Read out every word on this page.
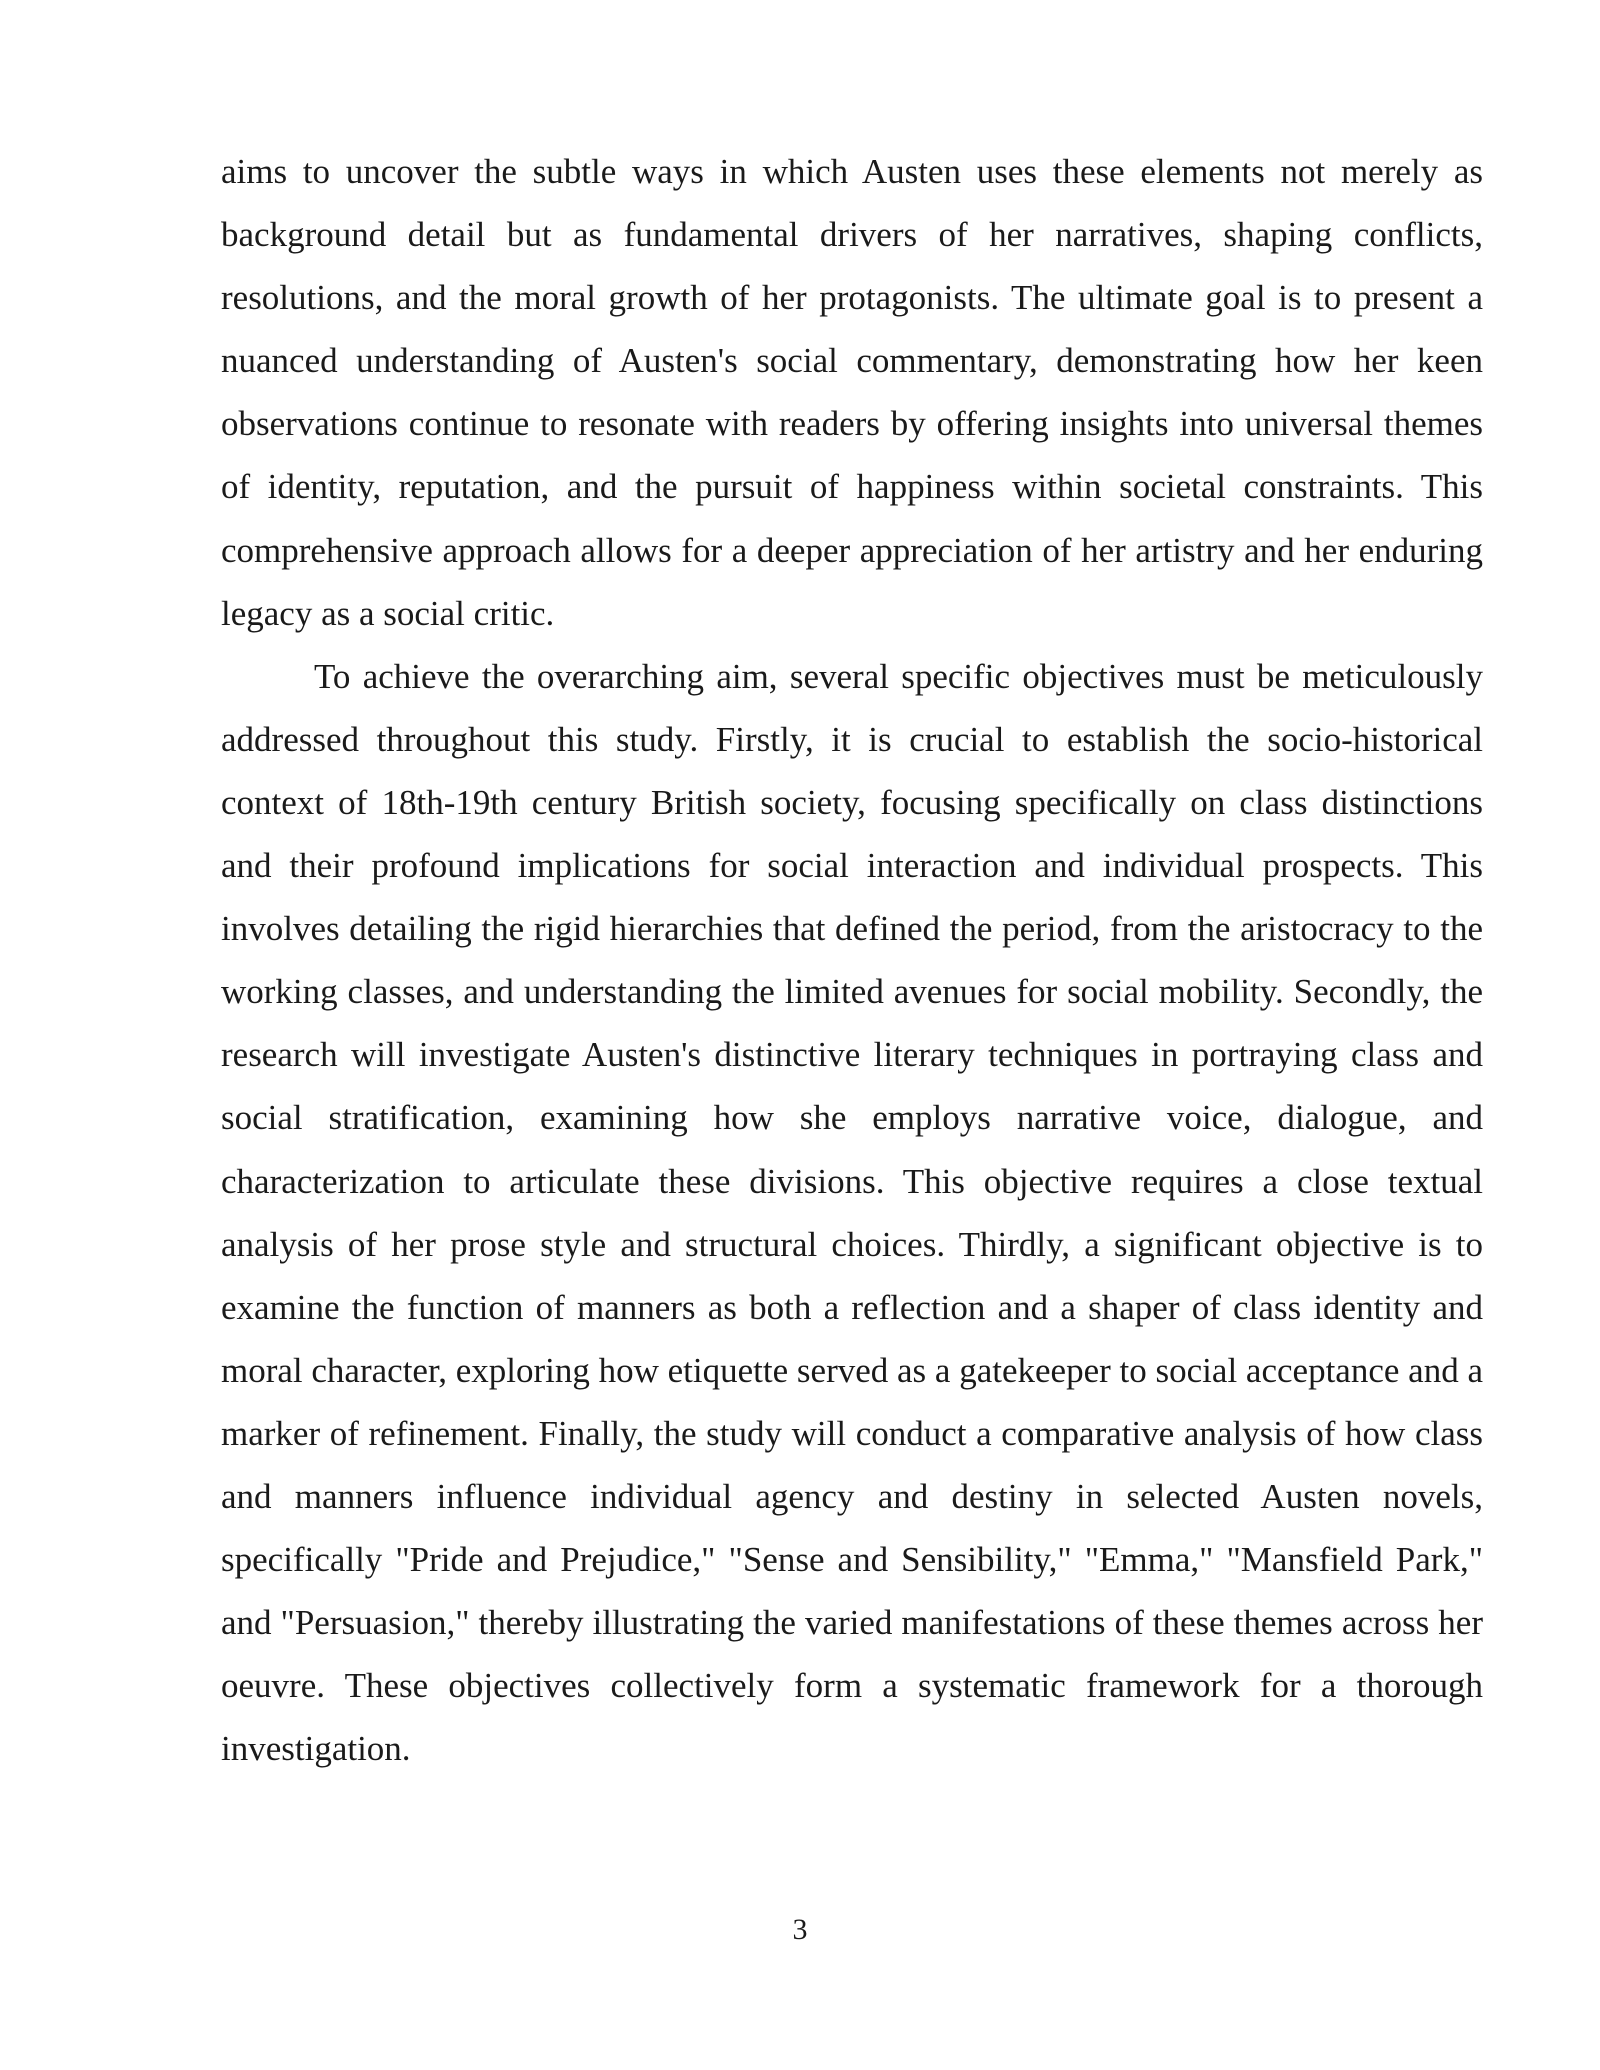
aims to uncover the subtle ways in which Austen uses these elements not merely as background detail but as fundamental drivers of her narratives, shaping conflicts, resolutions, and the moral growth of her protagonists. The ultimate goal is to present a nuanced understanding of Austen's social commentary, demonstrating how her keen observations continue to resonate with readers by offering insights into universal themes of identity, reputation, and the pursuit of happiness within societal constraints. This comprehensive approach allows for a deeper appreciation of her artistry and her enduring legacy as a social critic.

To achieve the overarching aim, several specific objectives must be meticulously addressed throughout this study. Firstly, it is crucial to establish the socio-historical context of 18th-19th century British society, focusing specifically on class distinctions and their profound implications for social interaction and individual prospects. This involves detailing the rigid hierarchies that defined the period, from the aristocracy to the working classes, and understanding the limited avenues for social mobility. Secondly, the research will investigate Austen's distinctive literary techniques in portraying class and social stratification, examining how she employs narrative voice, dialogue, and characterization to articulate these divisions. This objective requires a close textual analysis of her prose style and structural choices. Thirdly, a significant objective is to examine the function of manners as both a reflection and a shaper of class identity and moral character, exploring how etiquette served as a gatekeeper to social acceptance and a marker of refinement. Finally, the study will conduct a comparative analysis of how class and manners influence individual agency and destiny in selected Austen novels, specifically "Pride and Prejudice," "Sense and Sensibility," "Emma," "Mansfield Park," and "Persuasion," thereby illustrating the varied manifestations of these themes across her oeuvre. These objectives collectively form a systematic framework for a thorough investigation.

3
